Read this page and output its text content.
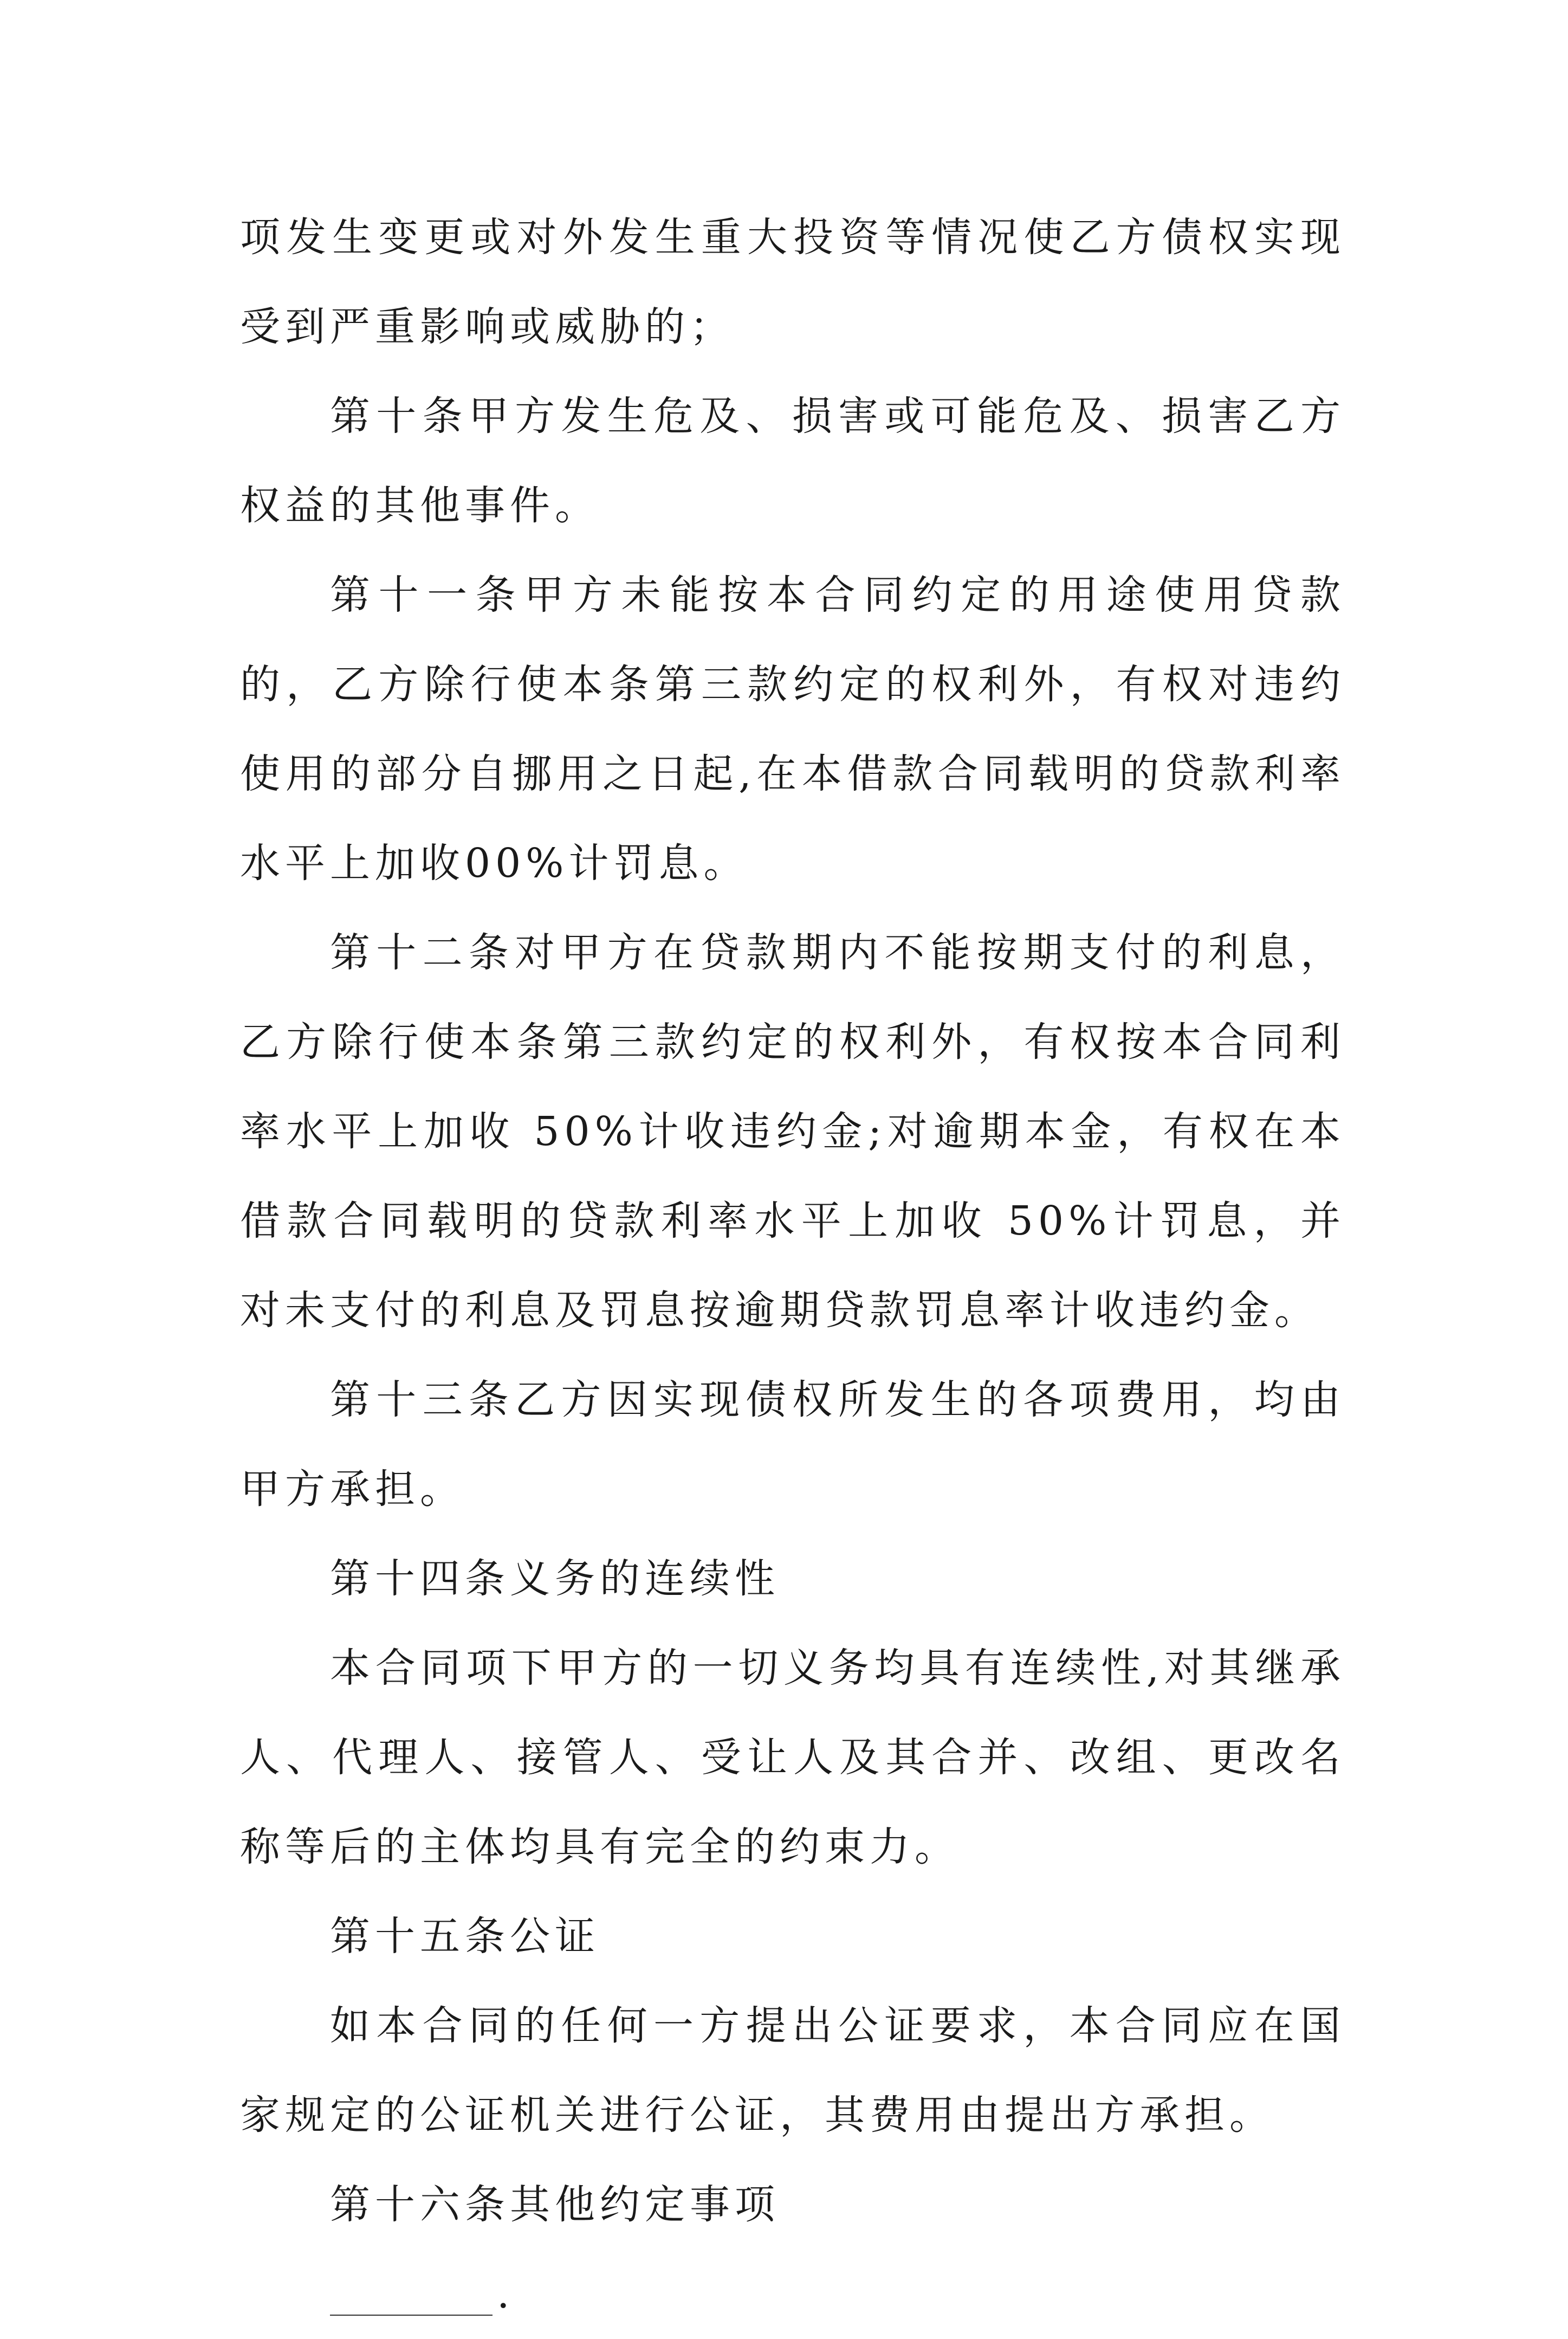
项发生变更或对外发生重大投资等情况使乙方债权实现受到严重影响或威胁的；

第十条甲方发生危及、损害或可能危及、损害乙方权益的其他事件。

第十一条甲方未能按本合同约定的用途使用贷款的，乙方除行使本条第三款约定的权利外，有权对违约使用的部分自挪用之日起,在本借款合同载明的贷款利率水平上加收00%计罚息。

第十二条对甲方在贷款期内不能按期支付的利息，乙方除行使本条第三款约定的权利外，有权按本合同利率水平上加收 50%计收违约金;对逾期本金，有权在本借款合同载明的贷款利率水平上加收 50%计罚息，并对未支付的利息及罚息按逾期贷款罚息率计收违约金。

第十三条乙方因实现债权所发生的各项费用，均由甲方承担。

第十四条义务的连续性

本合同项下甲方的一切义务均具有连续性,对其继承人、代理人、接管人、受让人及其合并、改组、更改名称等后的主体均具有完全的约束力。

第十五条公证

如本合同的任何一方提出公证要求，本合同应在国家规定的公证机关进行公证，其费用由提出方承担。

第十六条其他约定事项

.
